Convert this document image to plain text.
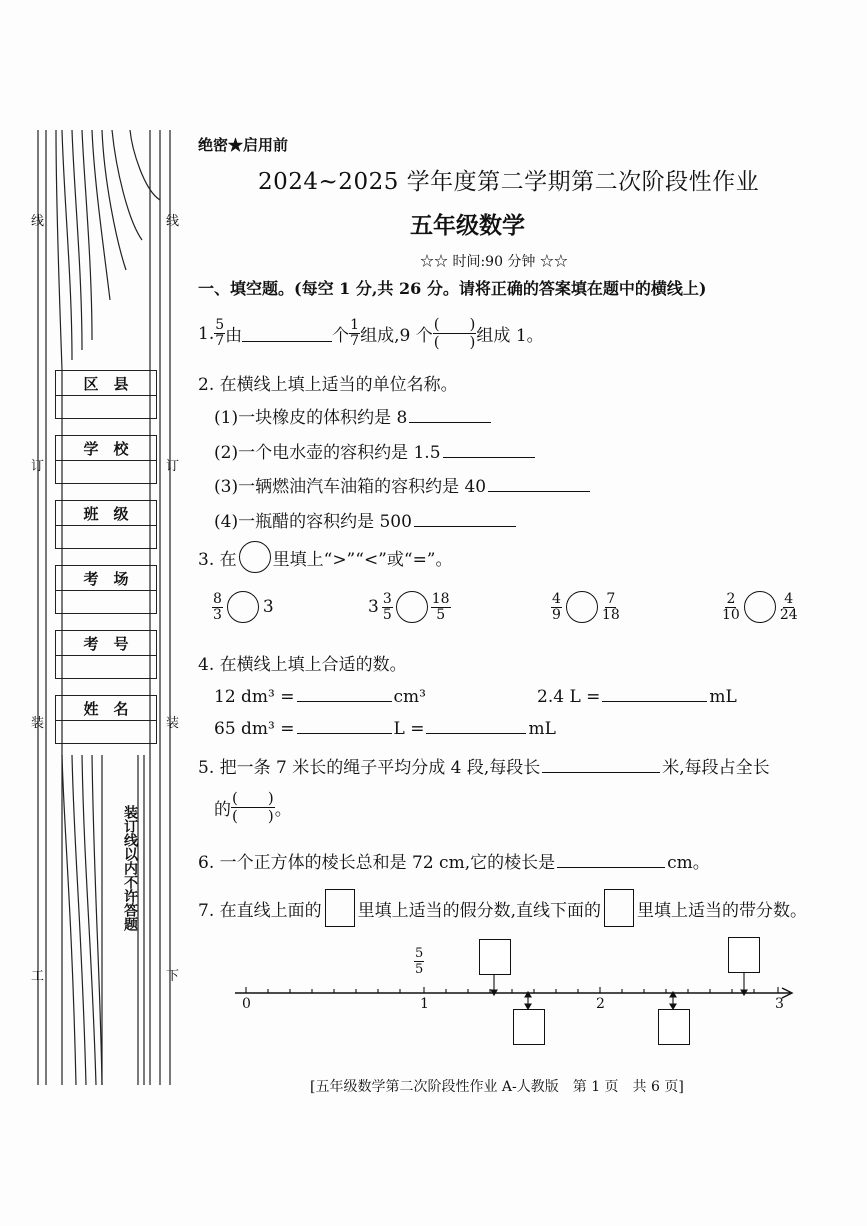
区　县
学　校
班　级
考　场
考　号
姓　名
线
订
装
工
线
订
装
下
装订线以内不许答题
绝密★启用前
2024~2025 学年度第二学期第二次阶段性作业
五年级数学
☆☆ 时间:90 分钟 ☆☆
一、填空题。(每空 1 分,共 26 分。请将正确的答案填在题中的横线上)
1. $\frac{5}{7}$ 由	个 $\frac{1}{7}$ 组成,9 个 $\frac{( )}{( )}$ 组成 1。
2. 在横线上填上适当的单位名称。
(1)一块橡皮的体积约是 8
(2)一个电水壶的容积约是 1.5
(3)一辆燃油汽车油箱的容积约是 40
(4)一瓶醋的容积约是 500
3. 在 里填上“>”“<”或“=”。
$\frac{8}{3} 3$	$3 \frac{3}{5}$	$\frac{18}{5}$	$\frac{4}{9}$	$\frac{7}{18}$	$\frac{2}{10}$	$\frac{4}{24}$
4. 在横线上填上合适的数。
12 dm³ =	cm³	2.4 L =	mL
65 dm³ =	L =	mL
5. 把一条 7 米长的绳子平均分成 4 段,每段长	米,每段占全长
的 $\frac{( )}{( )}$ 。
6. 一个正方体的棱长总和是 72 cm,它的棱长是	cm。
7. 在直线上面的 里填上适当的假分数,直线下面的 里填上适当的带分数。
0	1	2	3
$\frac{5}{5}$
[五年级数学第二次阶段性作业 A-人教版　第 1 页　共 6 页]
